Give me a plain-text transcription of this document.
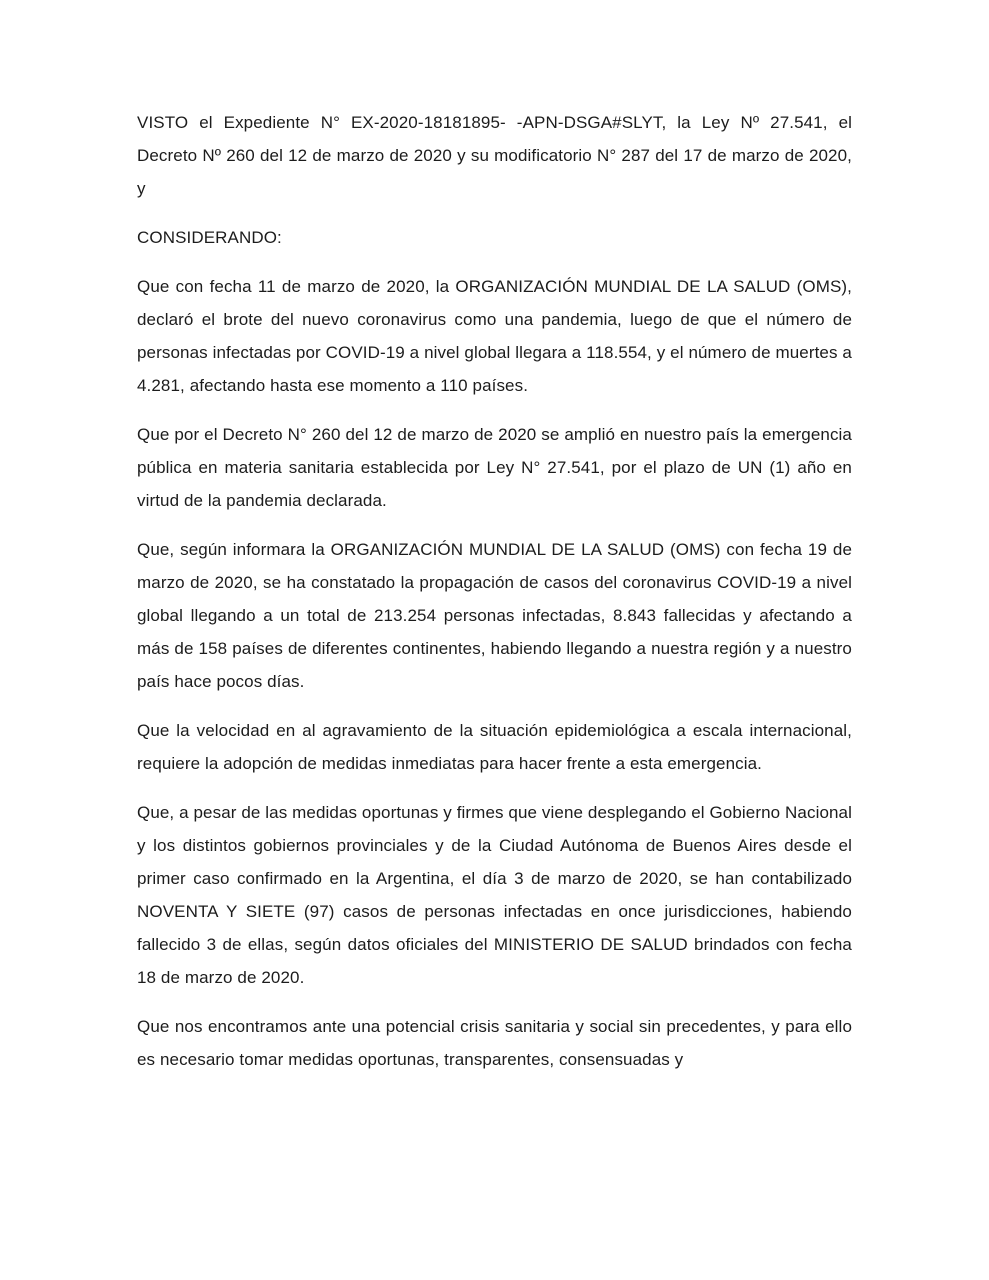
VISTO el Expediente N° EX-2020-18181895- -APN-DSGA#SLYT, la Ley Nº 27.541, el Decreto Nº 260 del 12 de marzo de 2020 y su modificatorio N° 287 del 17 de marzo de 2020, y

CONSIDERANDO:

Que con fecha 11 de marzo de 2020, la ORGANIZACIÓN MUNDIAL DE LA SALUD (OMS), declaró el brote del nuevo coronavirus como una pandemia, luego de que el número de personas infectadas por COVID-19 a nivel global llegara a 118.554, y el número de muertes a 4.281, afectando hasta ese momento a 110 países.

Que por el Decreto N° 260 del 12 de marzo de 2020 se amplió en nuestro país la emergencia pública en materia sanitaria establecida por Ley N° 27.541, por el plazo de UN (1) año en virtud de la pandemia declarada.

Que, según informara la ORGANIZACIÓN MUNDIAL DE LA SALUD (OMS) con fecha 19 de marzo de 2020, se ha constatado la propagación de casos del coronavirus COVID-19 a nivel global llegando a un total de 213.254 personas infectadas, 8.843 fallecidas y afectando a más de 158 países de diferentes continentes, habiendo llegando a nuestra región y a nuestro país hace pocos días.

Que la velocidad en al agravamiento de la situación epidemiológica a escala internacional, requiere la adopción de medidas inmediatas para hacer frente a esta emergencia.

Que, a pesar de las medidas oportunas y firmes que viene desplegando el Gobierno Nacional y los distintos gobiernos provinciales y de la Ciudad Autónoma de Buenos Aires desde el primer caso confirmado en la Argentina, el día 3 de marzo de 2020, se han contabilizado NOVENTA Y SIETE (97) casos de personas infectadas en once jurisdicciones, habiendo fallecido 3 de ellas, según datos oficiales del MINISTERIO DE SALUD brindados con fecha 18 de marzo de 2020.

Que nos encontramos ante una potencial crisis sanitaria y social sin precedentes, y para ello es necesario tomar medidas oportunas, transparentes, consensuadas y
